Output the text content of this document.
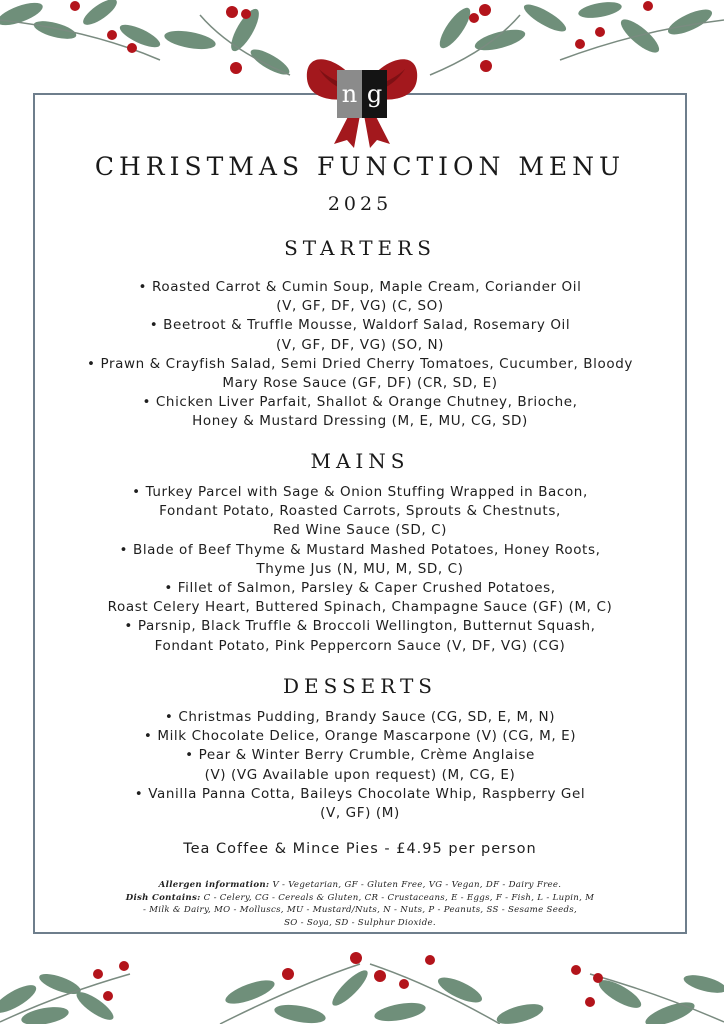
n g
CHRISTMAS FUNCTION MENU
2025
STARTERS
• Roasted Carrot & Cumin Soup, Maple Cream, Coriander Oil
(V, GF, DF, VG) (C, SO)
• Beetroot & Truffle Mousse, Waldorf Salad, Rosemary Oil
(V, GF, DF, VG) (SO, N)
• Prawn & Crayfish Salad, Semi Dried Cherry Tomatoes, Cucumber, Bloody
Mary Rose Sauce (GF, DF) (CR, SD, E)
• Chicken Liver Parfait, Shallot & Orange Chutney, Brioche,
Honey & Mustard Dressing (M, E, MU, CG, SD)
MAINS
• Turkey Parcel with Sage & Onion Stuffing Wrapped in Bacon,
Fondant Potato, Roasted Carrots, Sprouts & Chestnuts,
Red Wine Sauce (SD, C)
• Blade of Beef Thyme & Mustard Mashed Potatoes, Honey Roots,
Thyme Jus (N, MU, M, SD, C)
• Fillet of Salmon, Parsley & Caper Crushed Potatoes,
Roast Celery Heart, Buttered Spinach, Champagne Sauce (GF) (M, C)
• Parsnip, Black Truffle & Broccoli Wellington, Butternut Squash,
Fondant Potato, Pink Peppercorn Sauce (V, DF, VG) (CG)
DESSERTS
• Christmas Pudding, Brandy Sauce (CG, SD, E, M, N)
• Milk Chocolate Delice, Orange Mascarpone (V) (CG, M, E)
• Pear & Winter Berry Crumble, Crème Anglaise
(V) (VG Available upon request) (M, CG, E)
• Vanilla Panna Cotta, Baileys Chocolate Whip, Raspberry Gel
(V, GF) (M)
Tea Coffee & Mince Pies - £4.95 per person
Allergen information: V - Vegetarian, GF - Gluten Free, VG - Vegan, DF - Dairy Free.
Dish Contains: C - Celery, CG - Cereals & Gluten, CR - Crustaceans, E - Eggs, F - Fish, L - Lupin, M
- Milk & Dairy, MO - Molluscs, MU - Mustard/Nuts, N - Nuts, P - Peanuts, SS - Sesame Seeds,
SO - Soya, SD - Sulphur Dioxide.
